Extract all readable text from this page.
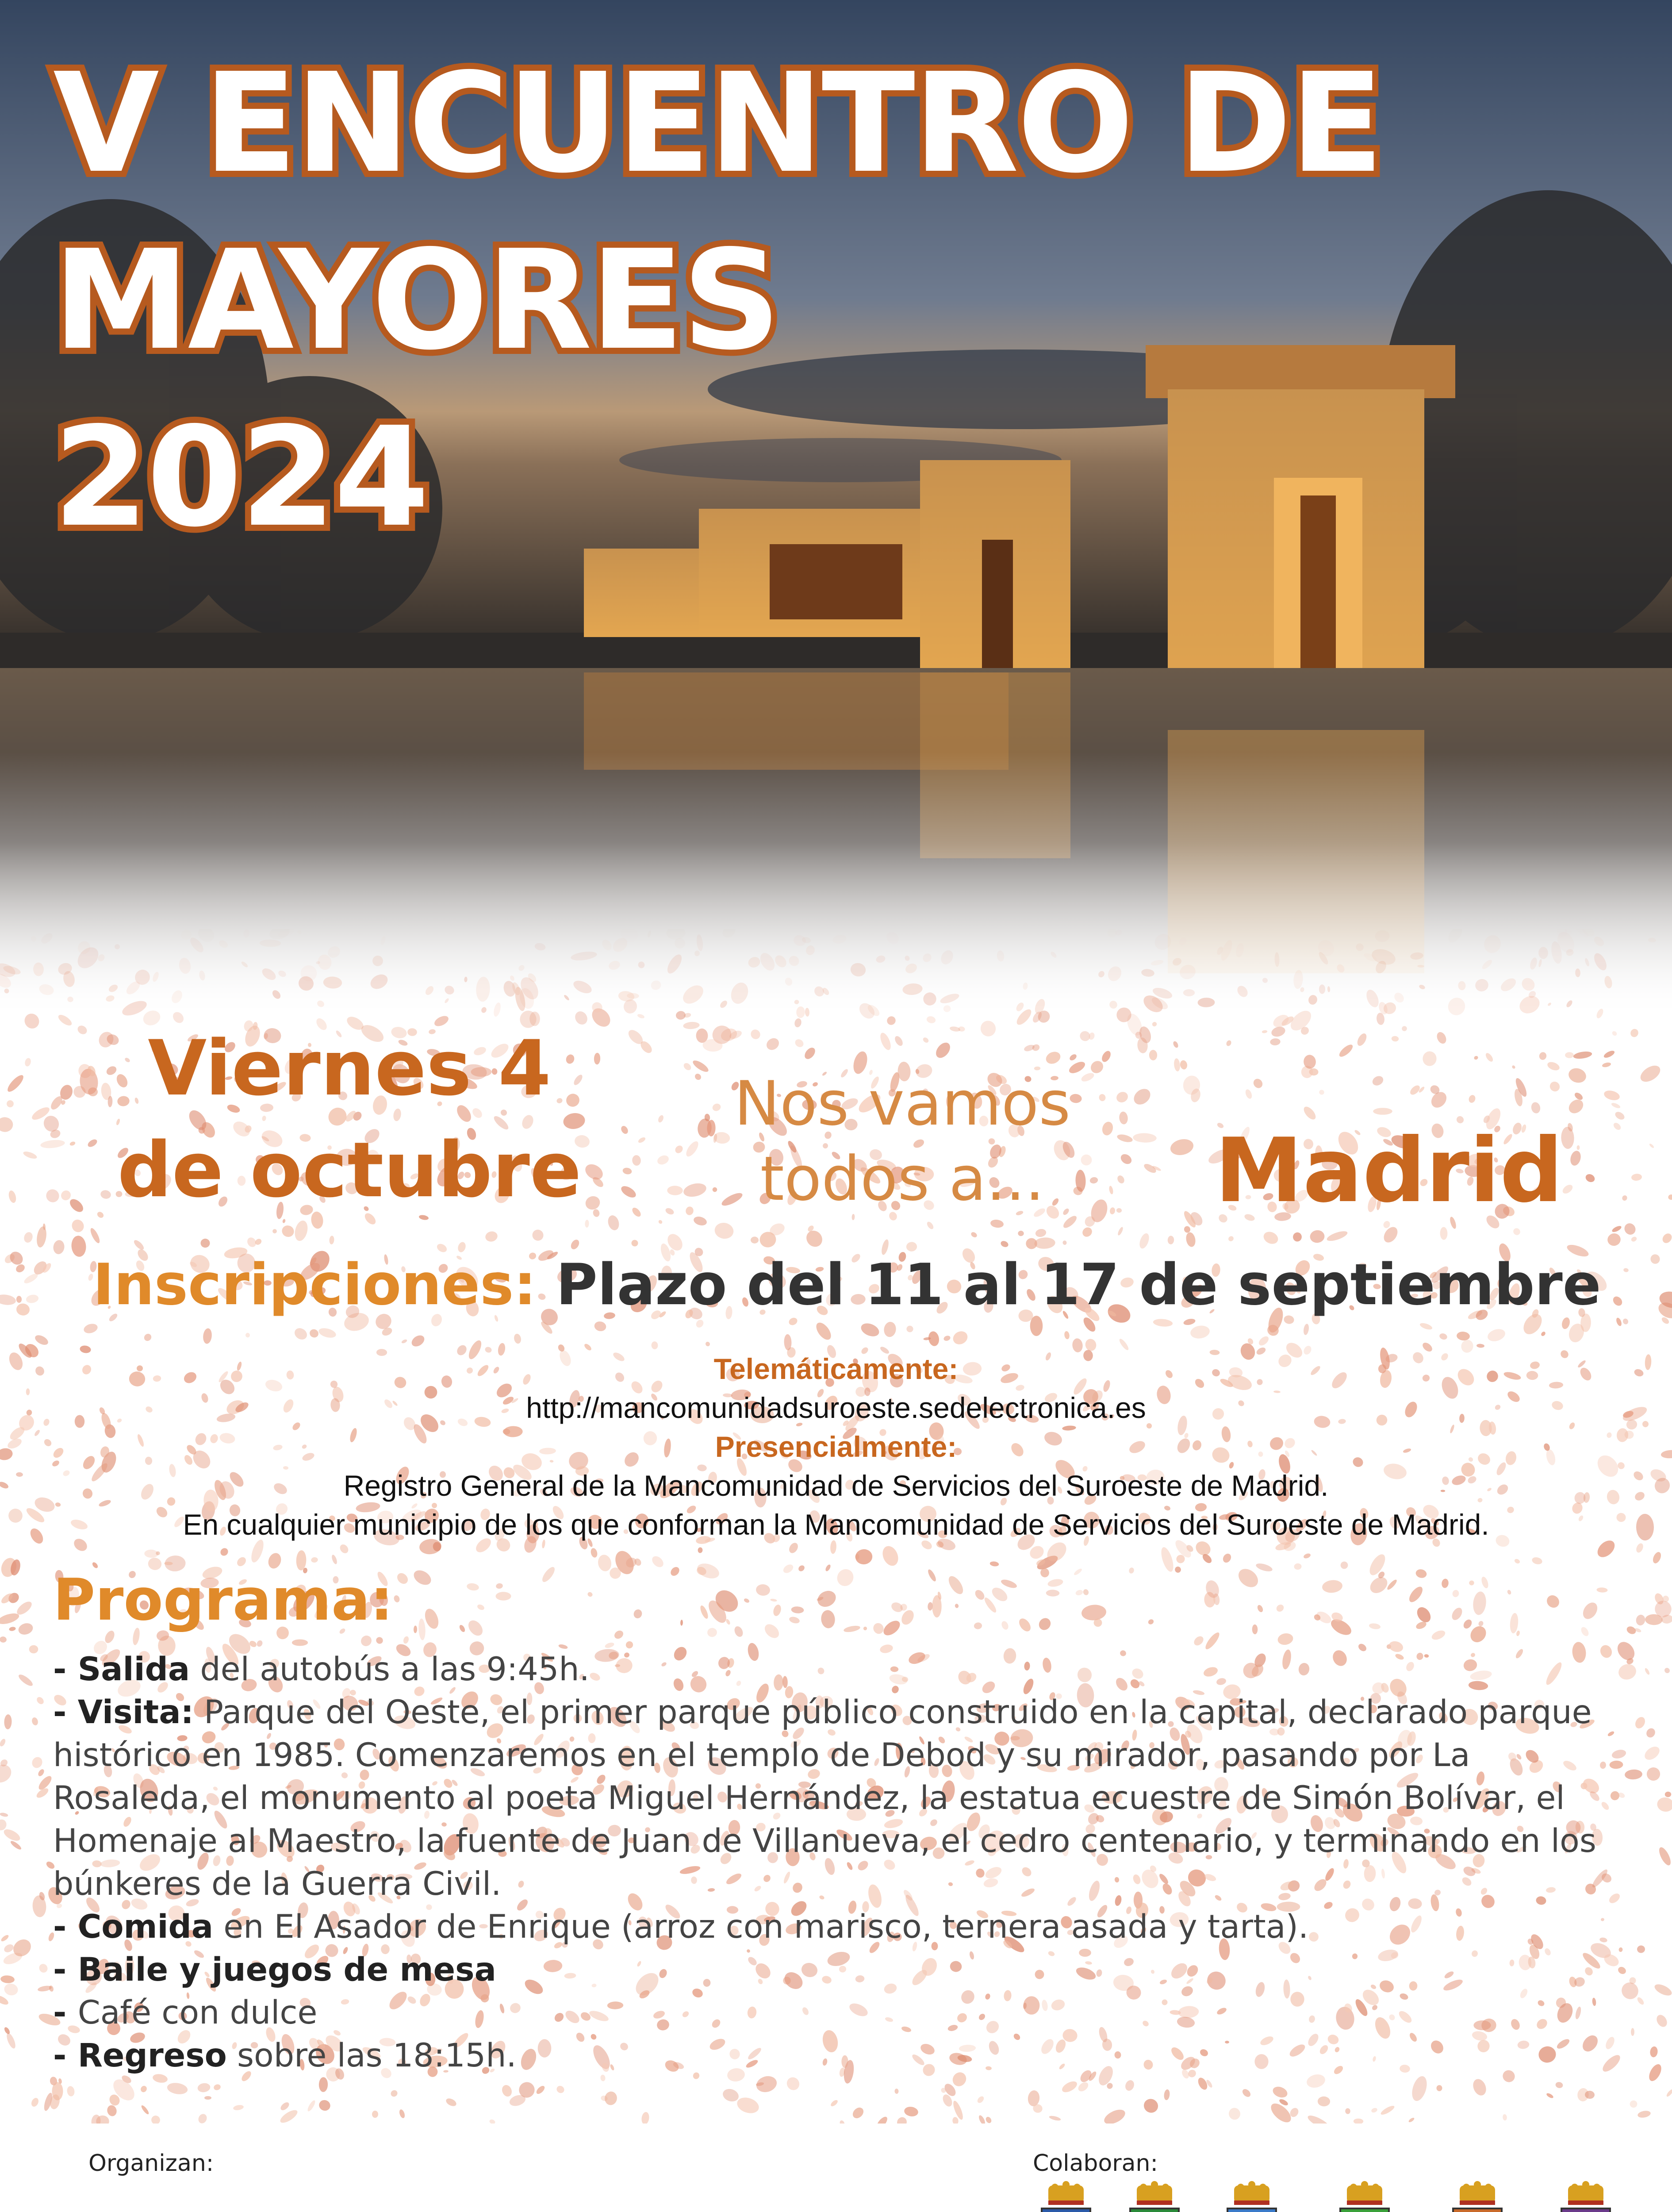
V ENCUENTRO DE
MAYORES
2024
Viernes 4
de octubre
Nos vamos
todos a...	Madrid
Inscripciones: Plazo del 11 al 17 de septiembre
Telemáticamente:
http://mancomunidadsuroeste.sedelectronica.es
Presencialmente:
Registro General de la Mancomunidad de Servicios del Suroeste de Madrid.
En cualquier municipio de los que conforman la Mancomunidad de Servicios del Suroeste de Madrid.
Programa:
- Salida del autobús a las 9:45h.
- Visita: Parque del Oeste, el primer parque público construido en la capital, declarado parque histórico en 1985. Comenzaremos en el templo de Debod y su mirador, pasando por La Rosaleda, el monumento al poeta Miguel Hernández, la estatua ecuestre de Simón Bolívar, el Homenaje al Maestro, la fuente de Juan de Villanueva, el cedro centenario, y terminando en los búnkeres de la Guerra Civil.
- Comida en El Asador de Enrique (arroz con marisco, ternera asada y tarta).
- Baile y juegos de mesa
- Café con dulce
- Regreso sobre las 18:15h.
Organizan:	Colaboran:
